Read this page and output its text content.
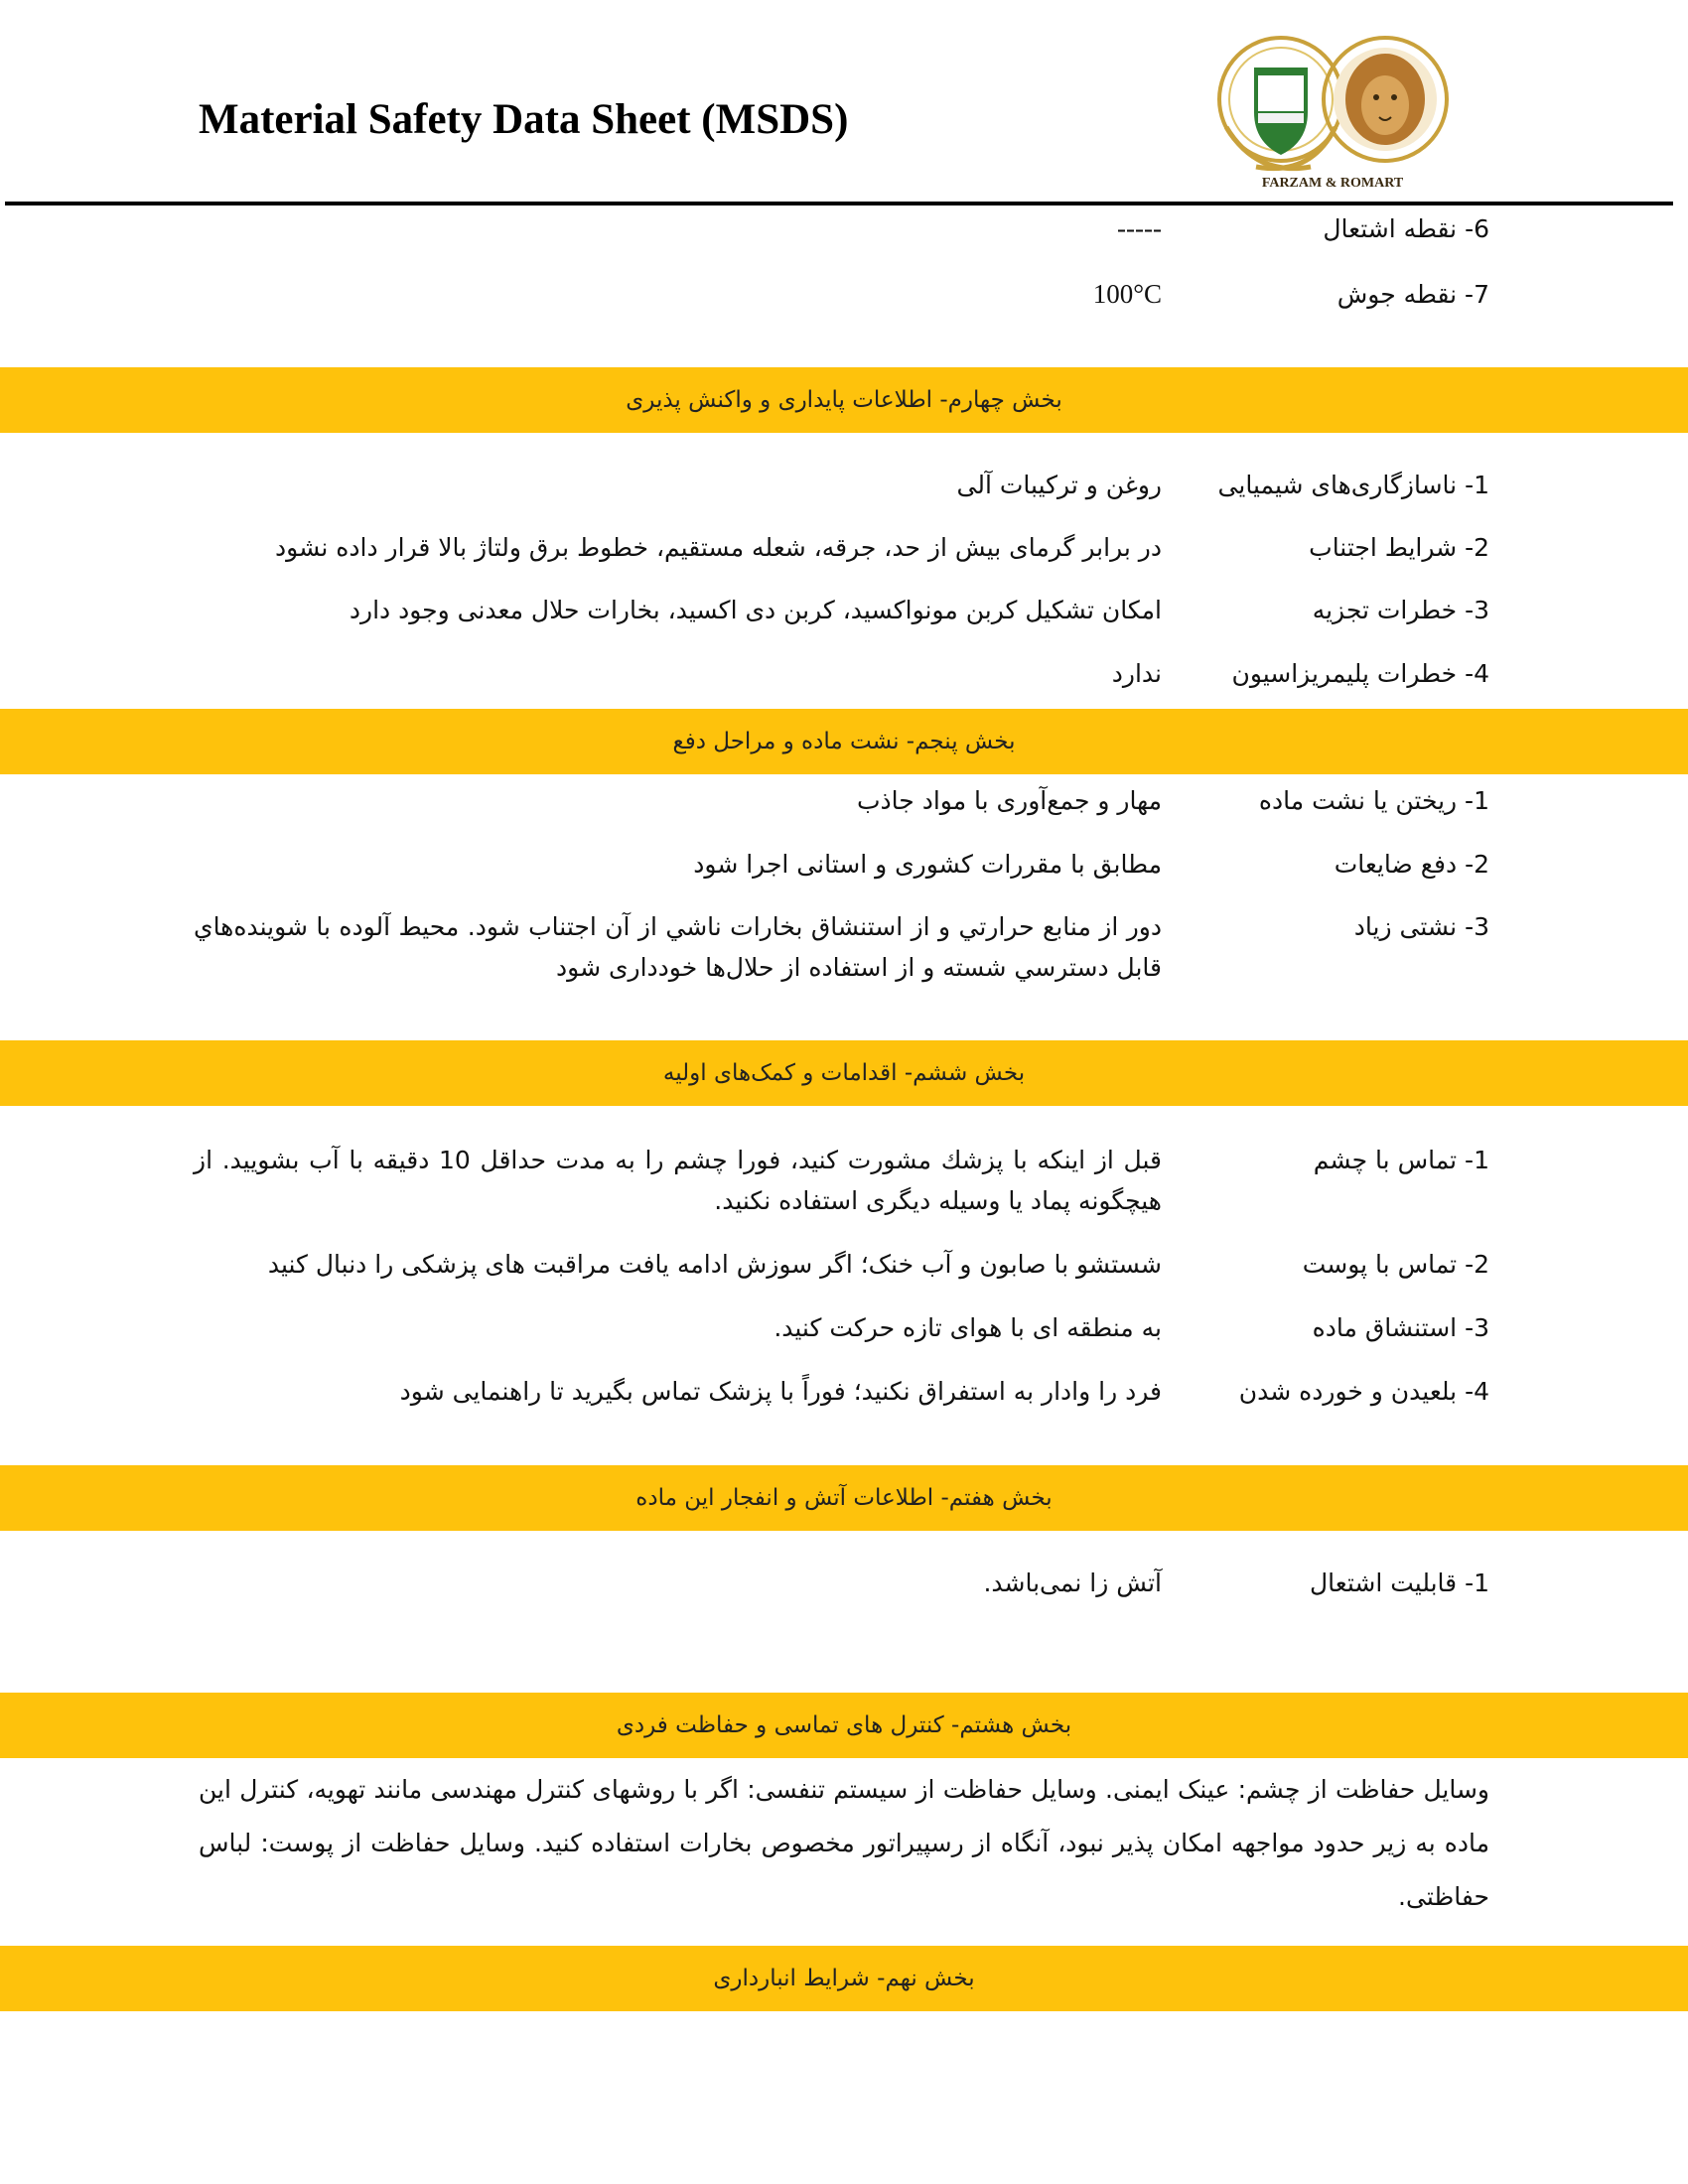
Material Safety Data Sheet (MSDS)
FARZAM & ROMART
6- نقطه اشتعال
-----
7- نقطه جوش
100°C
بخش چهارم- اطلاعات پایداری و واکنش پذیری
1- ناسازگاری‌های شیمیایی
روغن و ترکیبات آلی
2- شرایط اجتناب
در برابر گرمای بیش از حد، جرقه، شعله مستقیم، خطوط برق ولتاژ بالا قرار داده نشود
3- خطرات تجزیه
امکان تشکیل کربن مونواکسید، کربن دی اکسید، بخارات حلال معدنی وجود دارد
4- خطرات پلیمریزاسیون
ندارد
بخش پنجم- نشت ماده و مراحل دفع
1- ریختن یا نشت ماده
مهار و جمع‌آوری با مواد جاذب
2- دفع ضایعات
مطابق با مقررات کشوری و استانی اجرا شود
3- نشتی زیاد
دور از منابع حرارتي و از استنشاق بخارات ناشي از آن اجتناب شود. محیط آلوده با شوینده‌هاي قابل دسترسي شسته و از استفاده از حلال‌ها خودداری شود
بخش ششم- اقدامات و کمک‌های اولیه
1- تماس با چشم
قبل از اینکه با پزشك مشورت كنيد، فورا چشم را به مدت حداقل 10 دقیقه با آب بشوييد. از هيچگونه پماد يا وسيله ديگرى استفاده نكنيد.
2- تماس با پوست
شستشو با صابون و آب خنک؛ اگر سوزش ادامه یافت مراقبت های پزشکی را دنبال کنید
3- استنشاق ماده
به منطقه ای با هوای تازه حرکت کنید.
4- بلعیدن و خورده شدن
فرد را وادار به استفراق نکنید؛ فوراً با پزشک تماس بگیرید تا راهنمایی شود
بخش هفتم- اطلاعات آتش و انفجار این ماده
1- قابلیت اشتعال
آتش زا نمی‌باشد.
بخش هشتم- کنترل های تماسی و حفاظت فردی
وسایل حفاظت از چشم: عینک ایمنی. وسایل حفاظت از سیستم تنفسی: اگر با روشهای کنترل مهندسی مانند تهویه، کنترل این ماده به زیر حدود مواجهه امکان پذیر نبود، آنگاه از رسپیراتور مخصوص بخارات استفاده کنید. وسایل حفاظت از پوست: لباس حفاظتی.
بخش نهم- شرایط انبارداری
